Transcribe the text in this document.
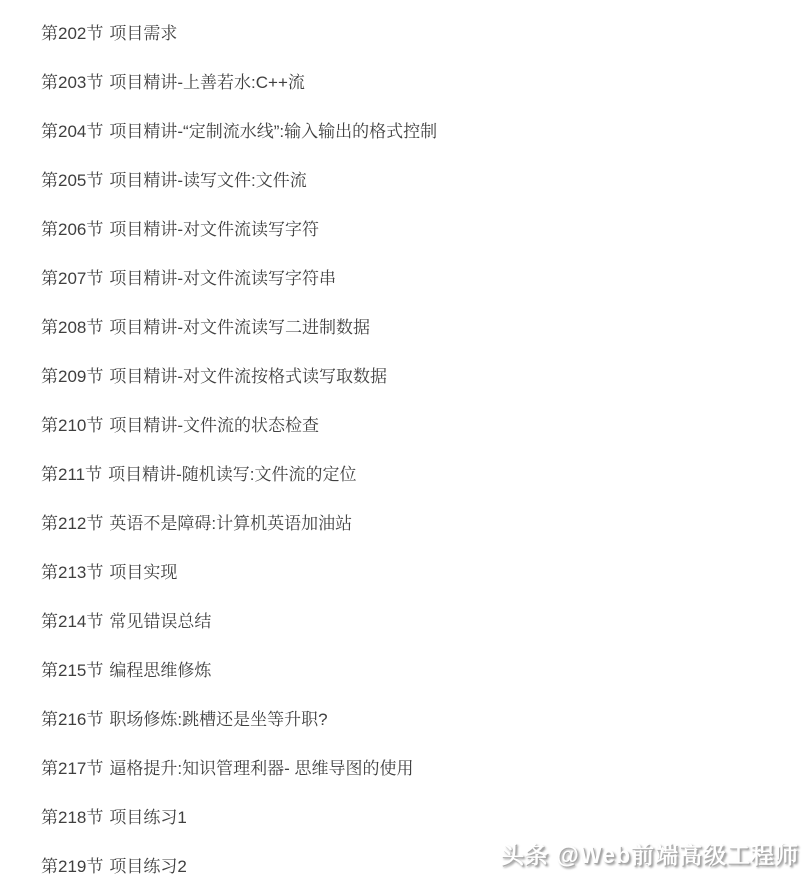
第202节 项目需求
第203节 项目精讲-上善若水:C++流
第204节 项目精讲-“定制流水线”:输入输出的格式控制
第205节 项目精讲-读写文件:文件流
第206节 项目精讲-对文件流读写字符
第207节 项目精讲-对文件流读写字符串
第208节 项目精讲-对文件流读写二进制数据
第209节 项目精讲-对文件流按格式读写取数据
第210节 项目精讲-文件流的状态检查
第211节 项目精讲-随机读写:文件流的定位
第212节 英语不是障碍:计算机英语加油站
第213节 项目实现
第214节 常见错误总结
第215节 编程思维修炼
第216节 职场修炼:跳槽还是坐等升职?
第217节 逼格提升:知识管理利器- 思维导图的使用
第218节 项目练习1
第219节 项目练习2	头条 @Web前端高级工程师
